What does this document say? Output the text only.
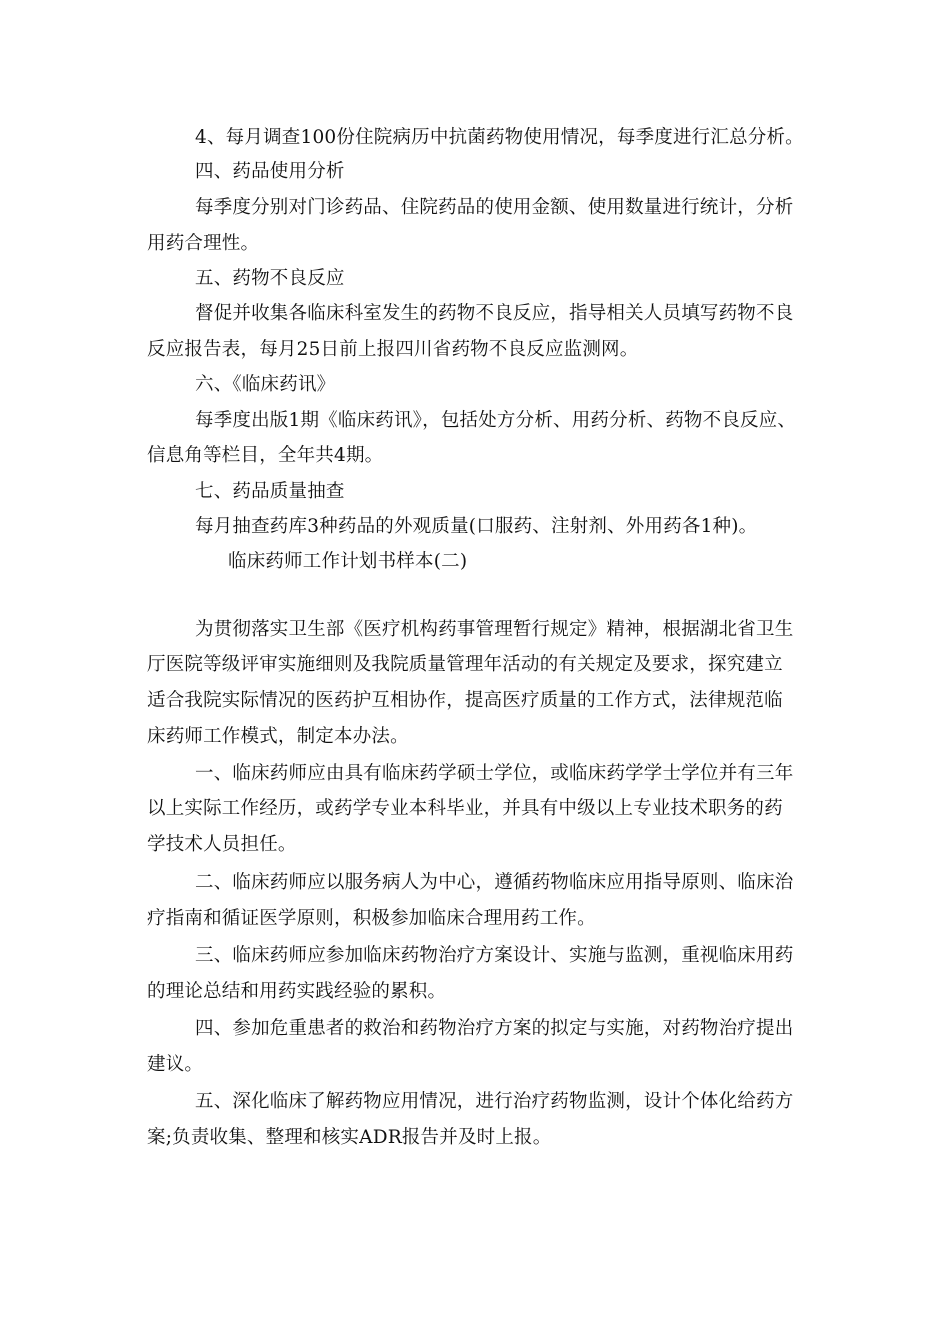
4、每月调查100份住院病历中抗菌药物使用情况，每季度进行汇总分析。
四、药品使用分析
每季度分别对门诊药品、住院药品的使用金额、使用数量进行统计，分析
用药合理性。
五、药物不良反应
督促并收集各临床科室发生的药物不良反应，指导相关人员填写药物不良
反应报告表，每月25日前上报四川省药物不良反应监测网。
六、《临床药讯》
每季度出版1期《临床药讯》，包括处方分析、用药分析、药物不良反应、
信息角等栏目，全年共4期。
七、药品质量抽查
每月抽查药库3种药品的外观质量(口服药、注射剂、外用药各1种)。
临床药师工作计划书样本(二)
为贯彻落实卫生部《医疗机构药事管理暂行规定》精神，根据湖北省卫生
厅医院等级评审实施细则及我院质量管理年活动的有关规定及要求，探究建立
适合我院实际情况的医药护互相协作，提高医疗质量的工作方式，法律规范临
床药师工作模式，制定本办法。
一、临床药师应由具有临床药学硕士学位，或临床药学学士学位并有三年
以上实际工作经历，或药学专业本科毕业，并具有中级以上专业技术职务的药
学技术人员担任。
二、临床药师应以服务病人为中心，遵循药物临床应用指导原则、临床治
疗指南和循证医学原则，积极参加临床合理用药工作。
三、临床药师应参加临床药物治疗方案设计、实施与监测，重视临床用药
的理论总结和用药实践经验的累积。
四、参加危重患者的救治和药物治疗方案的拟定与实施，对药物治疗提出
建议。
五、深化临床了解药物应用情况，进行治疗药物监测，设计个体化给药方
案;负责收集、整理和核实ADR报告并及时上报。
